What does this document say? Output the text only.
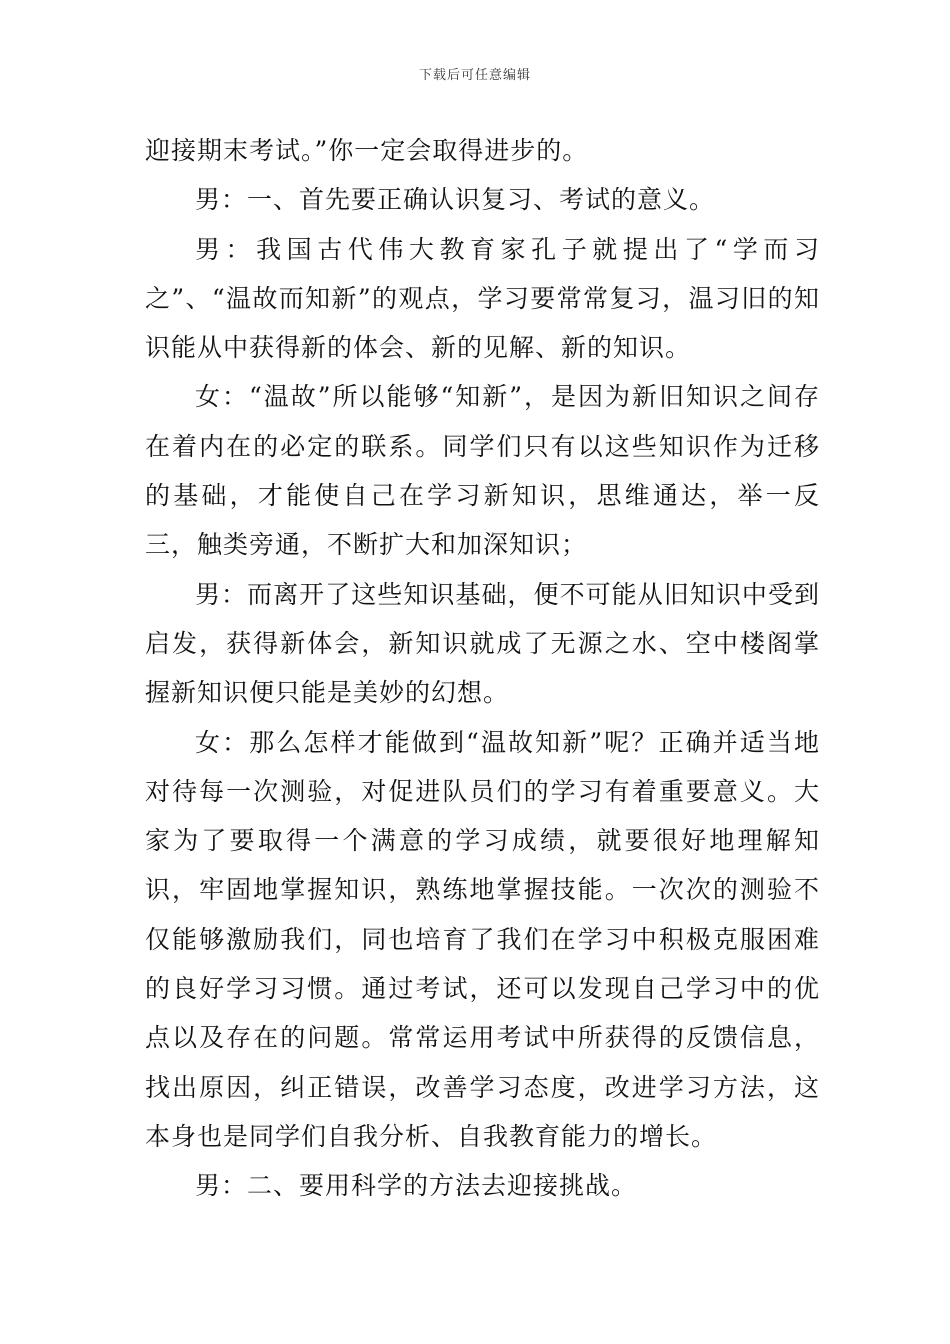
下载后可任意编辑

迎接期末考试。”你一定会取得进步的。

男：一、首先要正确认识复习、考试的意义。

男：我国古代伟大教育家孔子就提出了“学而习之”、“温故而知新”的观点，学习要常常复习，温习旧的知识能从中获得新的体会、新的见解、新的知识。

女：“温故”所以能够“知新”，是因为新旧知识之间存在着内在的必定的联系。同学们只有以这些知识作为迁移的基础，才能使自己在学习新知识，思维通达，举一反三，触类旁通，不断扩大和加深知识；

男：而离开了这些知识基础，便不可能从旧知识中受到启发，获得新体会，新知识就成了无源之水、空中楼阁掌握新知识便只能是美妙的幻想。

女：那么怎样才能做到“温故知新”呢？正确并适当地对待每一次测验，对促进队员们的学习有着重要意义。大家为了要取得一个满意的学习成绩，就要很好地理解知识，牢固地掌握知识，熟练地掌握技能。一次次的测验不仅能够激励我们，同也培育了我们在学习中积极克服困难的良好学习习惯。通过考试，还可以发现自己学习中的优点以及存在的问题。常常运用考试中所获得的反馈信息，找出原因，纠正错误，改善学习态度，改进学习方法，这本身也是同学们自我分析、自我教育能力的增长。

男：二、要用科学的方法去迎接挑战。
